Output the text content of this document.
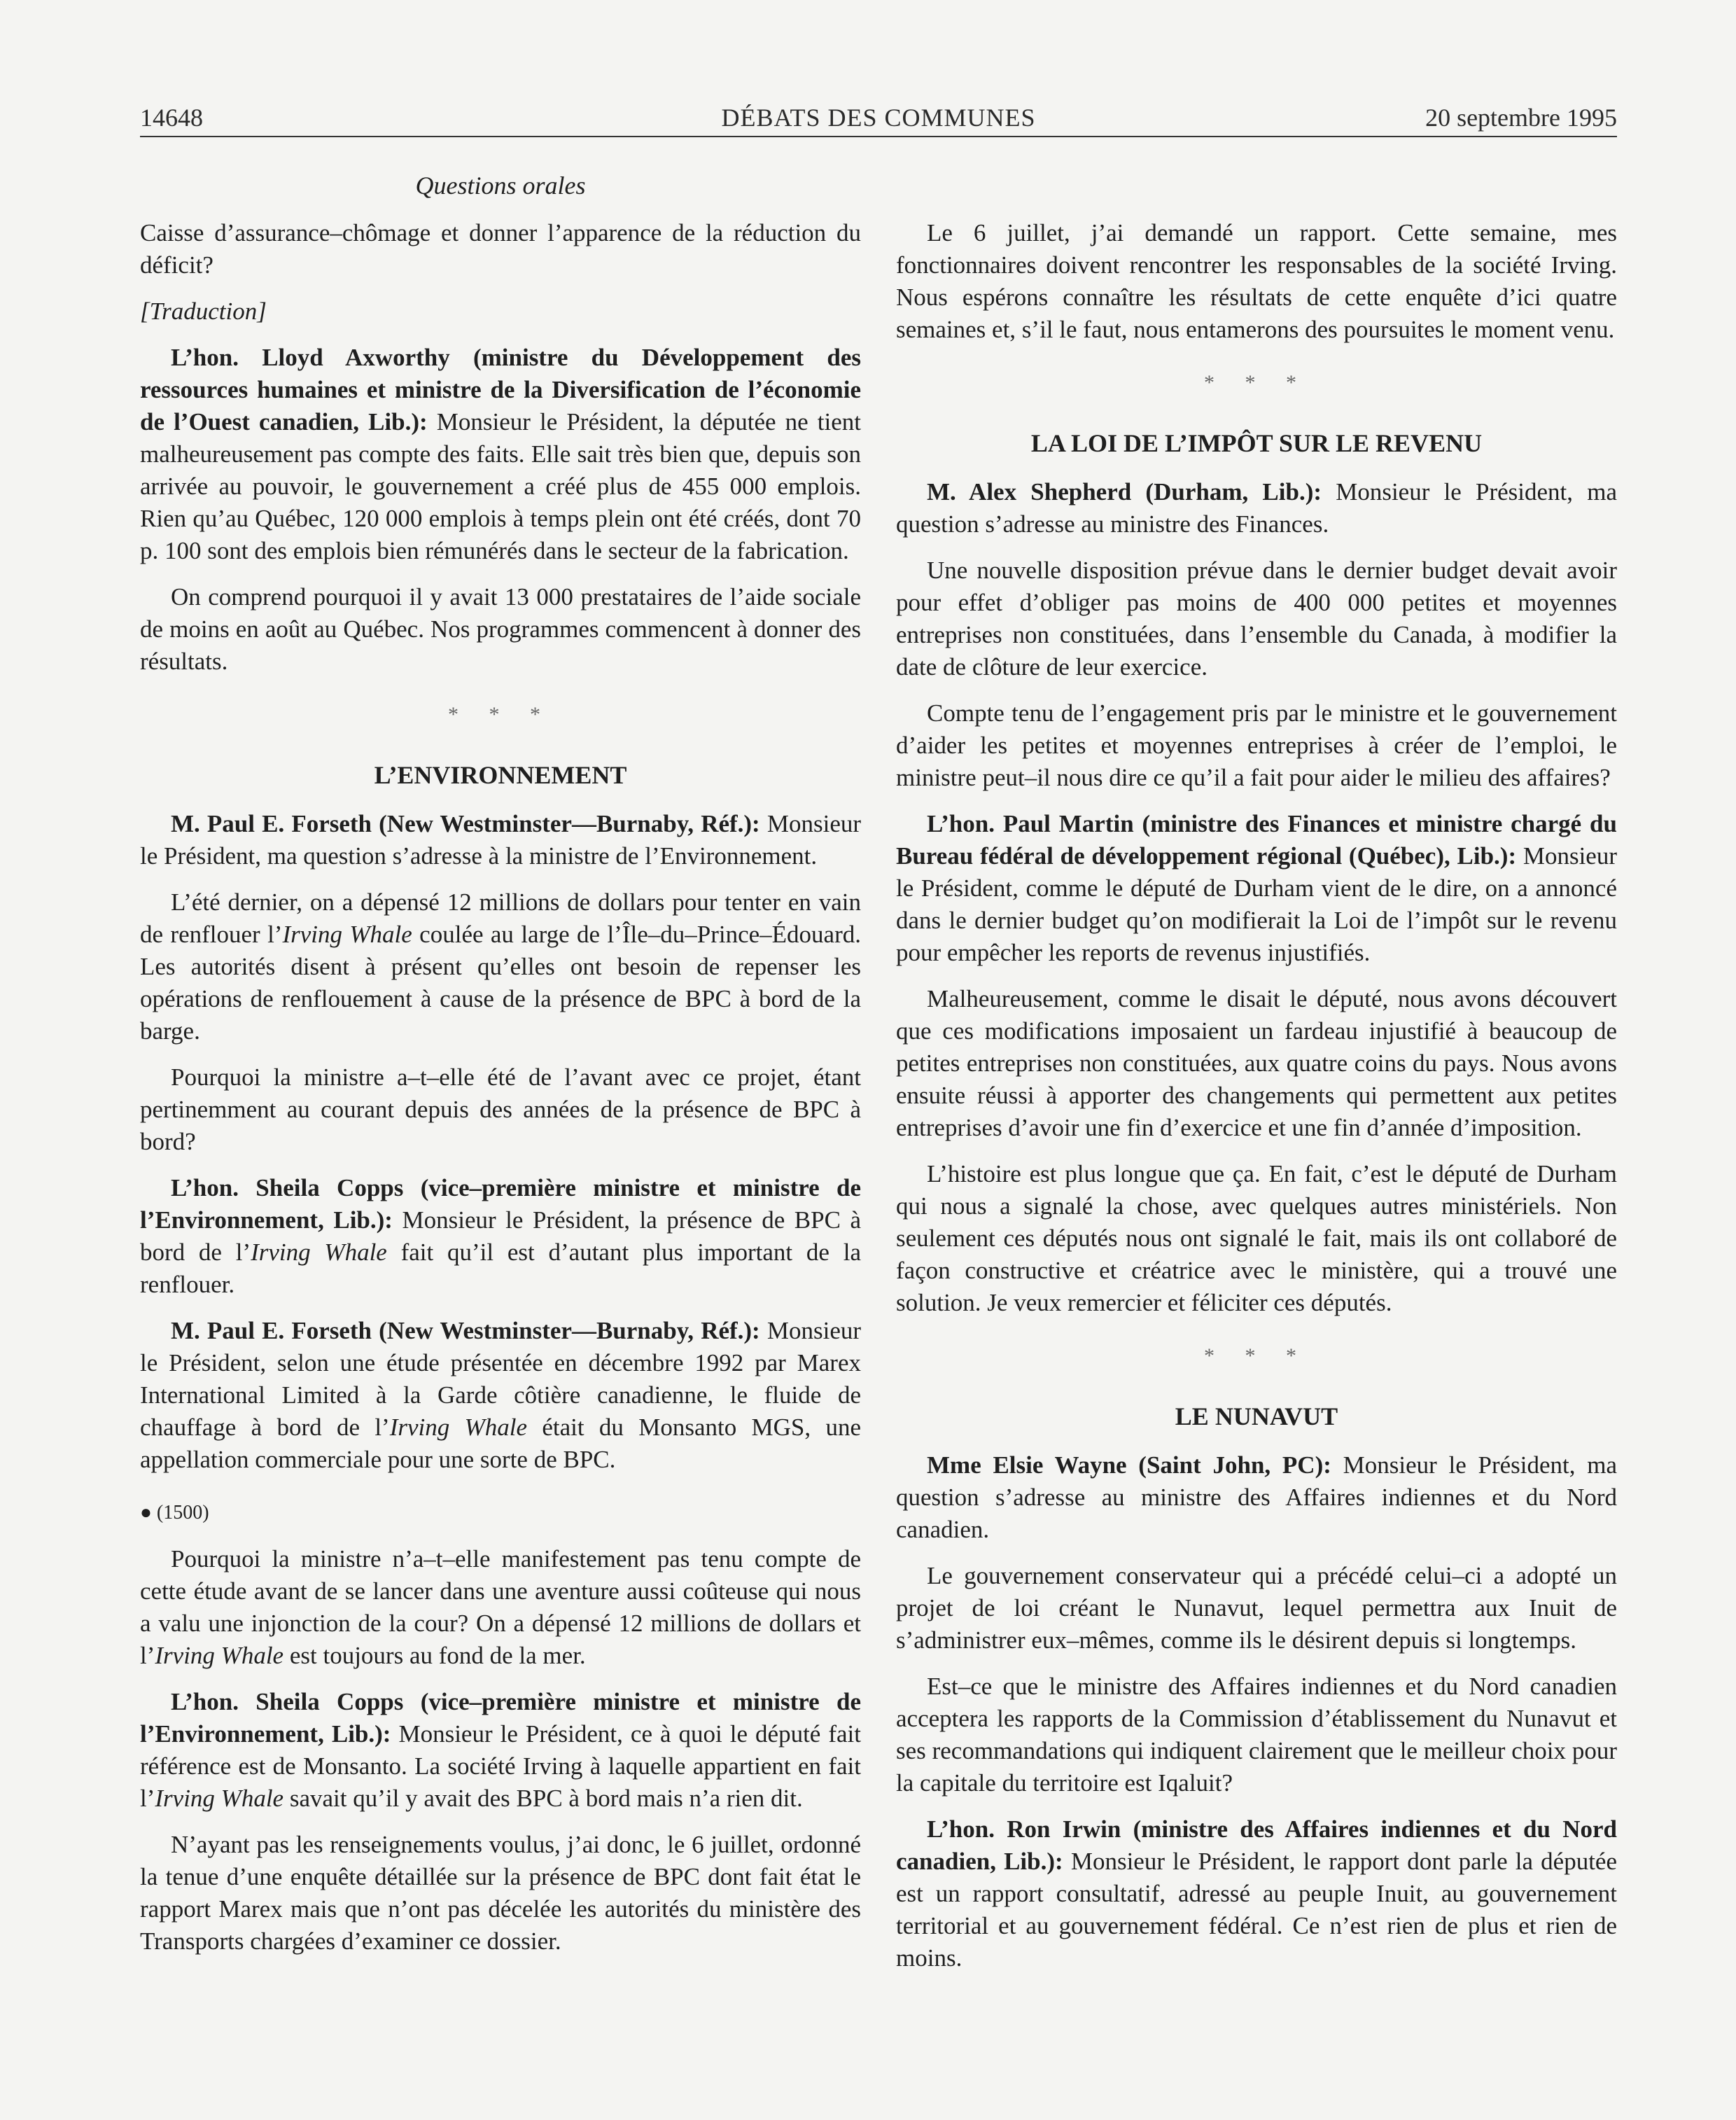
14648	DÉBATS DES COMMUNES	20 septembre 1995
Questions orales

Caisse d’assurance–chômage et donner l’apparence de la réduction du déficit?

[Traduction]

L’hon. Lloyd Axworthy (ministre du Développement des ressources humaines et ministre de la Diversification de l’économie de l’Ouest canadien, Lib.): Monsieur le Président, la députée ne tient malheureusement pas compte des faits. Elle sait très bien que, depuis son arrivée au pouvoir, le gouvernement a créé plus de 455 000 emplois. Rien qu’au Québec, 120 000 emplois à temps plein ont été créés, dont 70 p. 100 sont des emplois bien rémunérés dans le secteur de la fabrication.

On comprend pourquoi il y avait 13 000 prestataires de l’aide sociale de moins en août au Québec. Nos programmes commencent à donner des résultats.

* * *
L’ENVIRONNEMENT

M. Paul E. Forseth (New Westminster—Burnaby, Réf.): Monsieur le Président, ma question s’adresse à la ministre de l’Environnement.

L’été dernier, on a dépensé 12 millions de dollars pour tenter en vain de renflouer l’Irving Whale coulée au large de l’Île–du–Prince–Édouard. Les autorités disent à présent qu’elles ont besoin de repenser les opérations de renflouement à cause de la présence de BPC à bord de la barge.

Pourquoi la ministre a–t–elle été de l’avant avec ce projet, étant pertinemment au courant depuis des années de la présence de BPC à bord?

L’hon. Sheila Copps (vice–première ministre et ministre de l’Environnement, Lib.): Monsieur le Président, la présence de BPC à bord de l’Irving Whale fait qu’il est d’autant plus important de la renflouer.

M. Paul E. Forseth (New Westminster—Burnaby, Réf.): Monsieur le Président, selon une étude présentée en décembre 1992 par Marex International Limited à la Garde côtière canadienne, le fluide de chauffage à bord de l’Irving Whale était du Monsanto MGS, une appellation commerciale pour une sorte de BPC.

● (1500)

Pourquoi la ministre n’a–t–elle manifestement pas tenu compte de cette étude avant de se lancer dans une aventure aussi coûteuse qui nous a valu une injonction de la cour? On a dépensé 12 millions de dollars et l’Irving Whale est toujours au fond de la mer.

L’hon. Sheila Copps (vice–première ministre et ministre de l’Environnement, Lib.): Monsieur le Président, ce à quoi le député fait référence est de Monsanto. La société Irving à laquelle appartient en fait l’Irving Whale savait qu’il y avait des BPC à bord mais n’a rien dit.

N’ayant pas les renseignements voulus, j’ai donc, le 6 juillet, ordonné la tenue d’une enquête détaillée sur la présence de BPC dont fait état le rapport Marex mais que n’ont pas décelée les autorités du ministère des Transports chargées d’examiner ce dossier.

Le 6 juillet, j’ai demandé un rapport. Cette semaine, mes fonctionnaires doivent rencontrer les responsables de la société Irving. Nous espérons connaître les résultats de cette enquête d’ici quatre semaines et, s’il le faut, nous entamerons des poursuites le moment venu.

* * *
LA LOI DE L’IMPÔT SUR LE REVENU

M. Alex Shepherd (Durham, Lib.): Monsieur le Président, ma question s’adresse au ministre des Finances.

Une nouvelle disposition prévue dans le dernier budget devait avoir pour effet d’obliger pas moins de 400 000 petites et moyennes entreprises non constituées, dans l’ensemble du Canada, à modifier la date de clôture de leur exercice.

Compte tenu de l’engagement pris par le ministre et le gouvernement d’aider les petites et moyennes entreprises à créer de l’emploi, le ministre peut–il nous dire ce qu’il a fait pour aider le milieu des affaires?

L’hon. Paul Martin (ministre des Finances et ministre chargé du Bureau fédéral de développement régional (Québec), Lib.): Monsieur le Président, comme le député de Durham vient de le dire, on a annoncé dans le dernier budget qu’on modifierait la Loi de l’impôt sur le revenu pour empêcher les reports de revenus injustifiés.

Malheureusement, comme le disait le député, nous avons découvert que ces modifications imposaient un fardeau injustifié à beaucoup de petites entreprises non constituées, aux quatre coins du pays. Nous avons ensuite réussi à apporter des changements qui permettent aux petites entreprises d’avoir une fin d’exercice et une fin d’année d’imposition.

L’histoire est plus longue que ça. En fait, c’est le député de Durham qui nous a signalé la chose, avec quelques autres ministériels. Non seulement ces députés nous ont signalé le fait, mais ils ont collaboré de façon constructive et créatrice avec le ministère, qui a trouvé une solution. Je veux remercier et féliciter ces députés.

* * *
LE NUNAVUT

Mme Elsie Wayne (Saint John, PC): Monsieur le Président, ma question s’adresse au ministre des Affaires indiennes et du Nord canadien.

Le gouvernement conservateur qui a précédé celui–ci a adopté un projet de loi créant le Nunavut, lequel permettra aux Inuit de s’administrer eux–mêmes, comme ils le désirent depuis si longtemps.

Est–ce que le ministre des Affaires indiennes et du Nord canadien acceptera les rapports de la Commission d’établissement du Nunavut et ses recommandations qui indiquent clairement que le meilleur choix pour la capitale du territoire est Iqaluit?

L’hon. Ron Irwin (ministre des Affaires indiennes et du Nord canadien, Lib.): Monsieur le Président, le rapport dont parle la députée est un rapport consultatif, adressé au peuple Inuit, au gouvernement territorial et au gouvernement fédéral. Ce n’est rien de plus et rien de moins.
